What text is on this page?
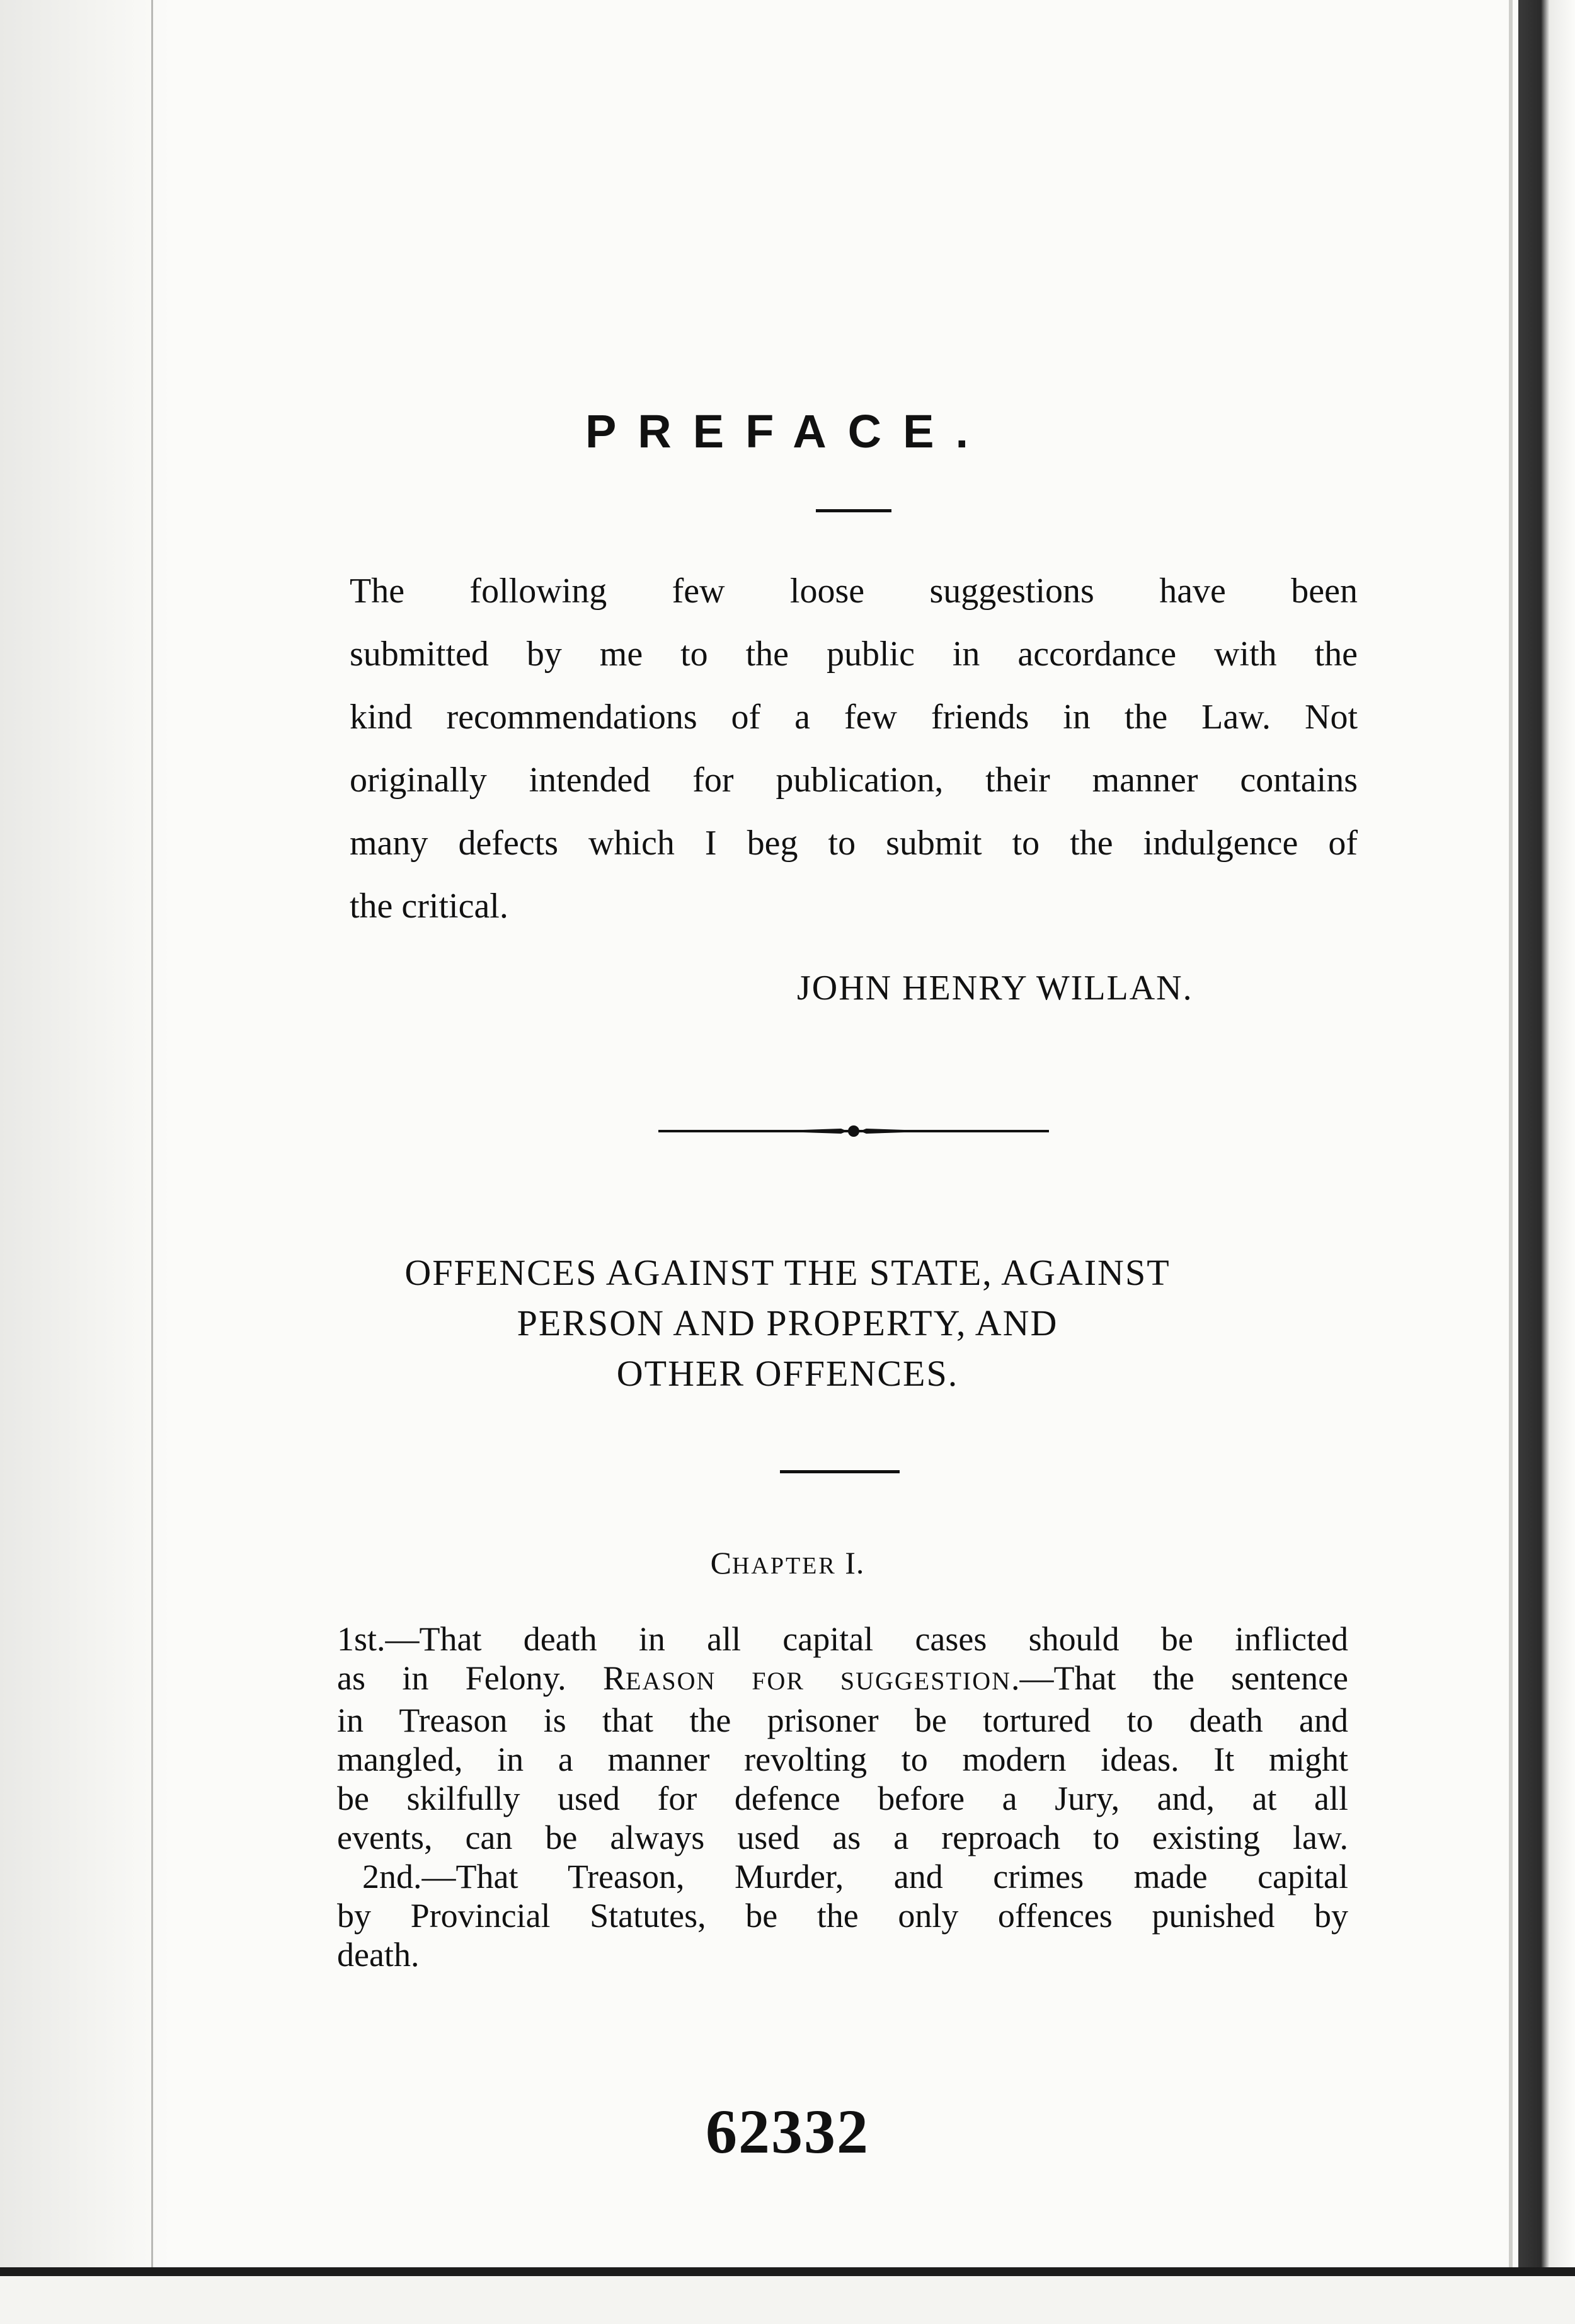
PREFACE.
The following few loose suggestions have been
submitted by me to the public in accordance with the
kind recommendations of a few friends in the Law. Not
originally intended for publication, their manner contains
many defects which I beg to submit to the indulgence of
the critical.
JOHN HENRY WILLAN.
OFFENCES AGAINST THE STATE, AGAINST
PERSON AND PROPERTY, AND
OTHER OFFENCES.
CHAPTER I.
1st.—That death in all capital cases should be inflicted
as in Felony. REASON FOR SUGGESTION.—That the sentence
in Treason is that the prisoner be tortured to death and
mangled, in a manner revolting to modern ideas. It might
be skilfully used for defence before a Jury, and, at all
events, can be always used as a reproach to existing law.
2nd.—That Treason, Murder, and crimes made capital
by Provincial Statutes, be the only offences punished by
death.
62332
